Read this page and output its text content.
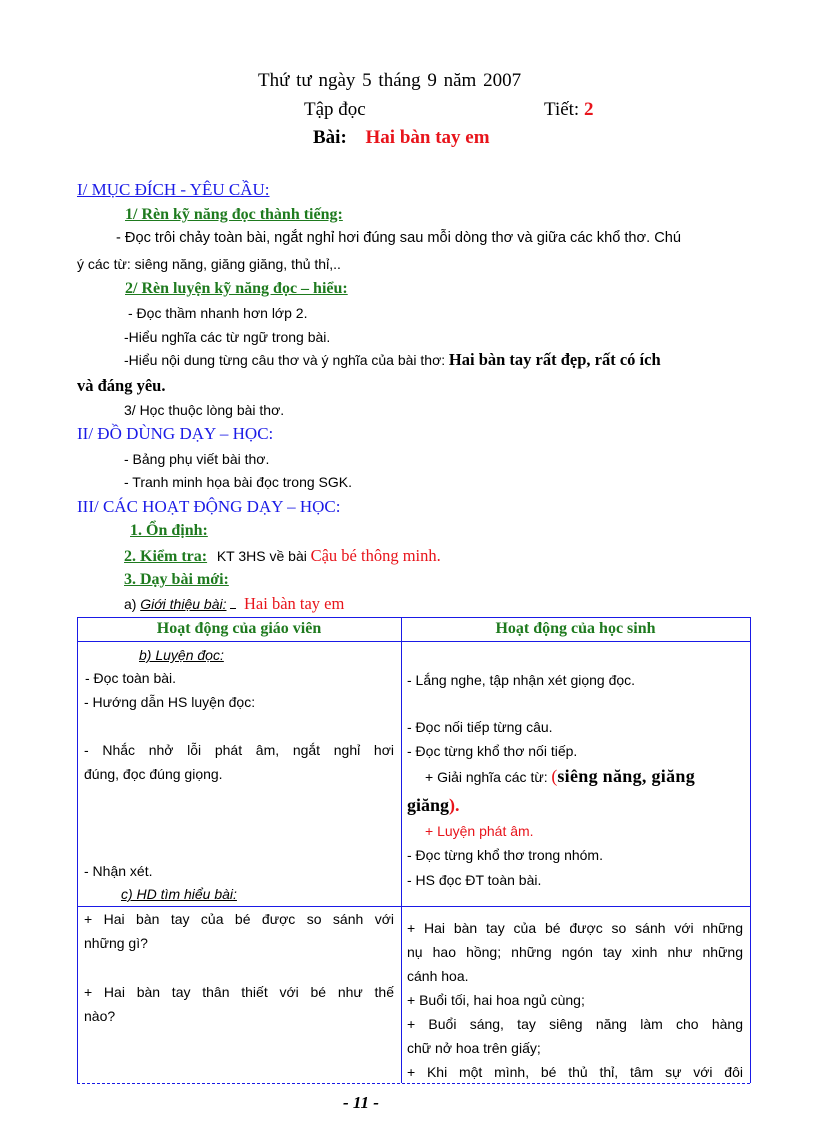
Thứ tư ngày 5 tháng 9 năm 2007
Tập đọc	Tiết: 2
Bài: Hai bàn tay em
I/ MỤC ĐÍCH - YÊU CẦU:
1/ Rèn kỹ năng đọc thành tiếng:
- Đọc trôi chảy toàn bài, ngắt nghỉ hơi đúng sau mỗi dòng thơ và giữa các khổ thơ. Chú
ý các từ: siêng năng, giăng giăng, thủ thỉ,..
2/ Rèn luyện kỹ năng đọc – hiểu:
- Đọc thầm nhanh hơn lớp 2.
-Hiểu nghĩa các từ ngữ trong bài.
-Hiểu nội dung từng câu thơ và ý nghĩa của bài thơ: Hai bàn tay rất đẹp, rất có ích
và đáng yêu.
3/ Học thuộc lòng bài thơ.
II/ ĐỒ DÙNG DẠY – HỌC:
- Bảng phụ viết bài thơ.
- Tranh minh họa bài đọc trong SGK.
III/ CÁC HOẠT ĐỘNG DẠY – HỌC:
1. Ổn định:
2. Kiểm tra: KT 3HS về bài Cậu bé thông minh.
3. Dạy bài mới:
a) Giới thiệu bài: Hai bàn tay em
Hoạt động của giáo viên	Hoạt động của học sinh
b) Luyện đọc:
- Đọc toàn bài.
- Hướng dẫn HS luyện đọc:
- Nhắc nhở lỗi phát âm, ngắt nghỉ hơi
đúng, đọc đúng giọng.
- Nhận xét.
c) HD tìm hiểu bài:
+ Hai bàn tay của bé được so sánh với
những gì?
+ Hai bàn tay thân thiết với bé như thế
nào?
- Lắng nghe, tập nhận xét giọng đọc.
- Đọc nối tiếp từng câu.
- Đọc từng khổ thơ nối tiếp.
+ Giải nghĩa các từ: (siêng năng, giăng
giăng).
+ Luyện phát âm.
- Đọc từng khổ thơ trong nhóm.
- HS đọc ĐT toàn bài.
+ Hai bàn tay của bé được so sánh với những
nụ hao hồng; những ngón tay xinh như những
cánh hoa.
+ Buổi tối, hai hoa ngủ cùng;
+ Buổi sáng, tay siêng năng làm cho hàng
chữ nở hoa trên giấy;
+ Khi một mình, bé thủ thỉ, tâm sự với đôi
- 11 -
